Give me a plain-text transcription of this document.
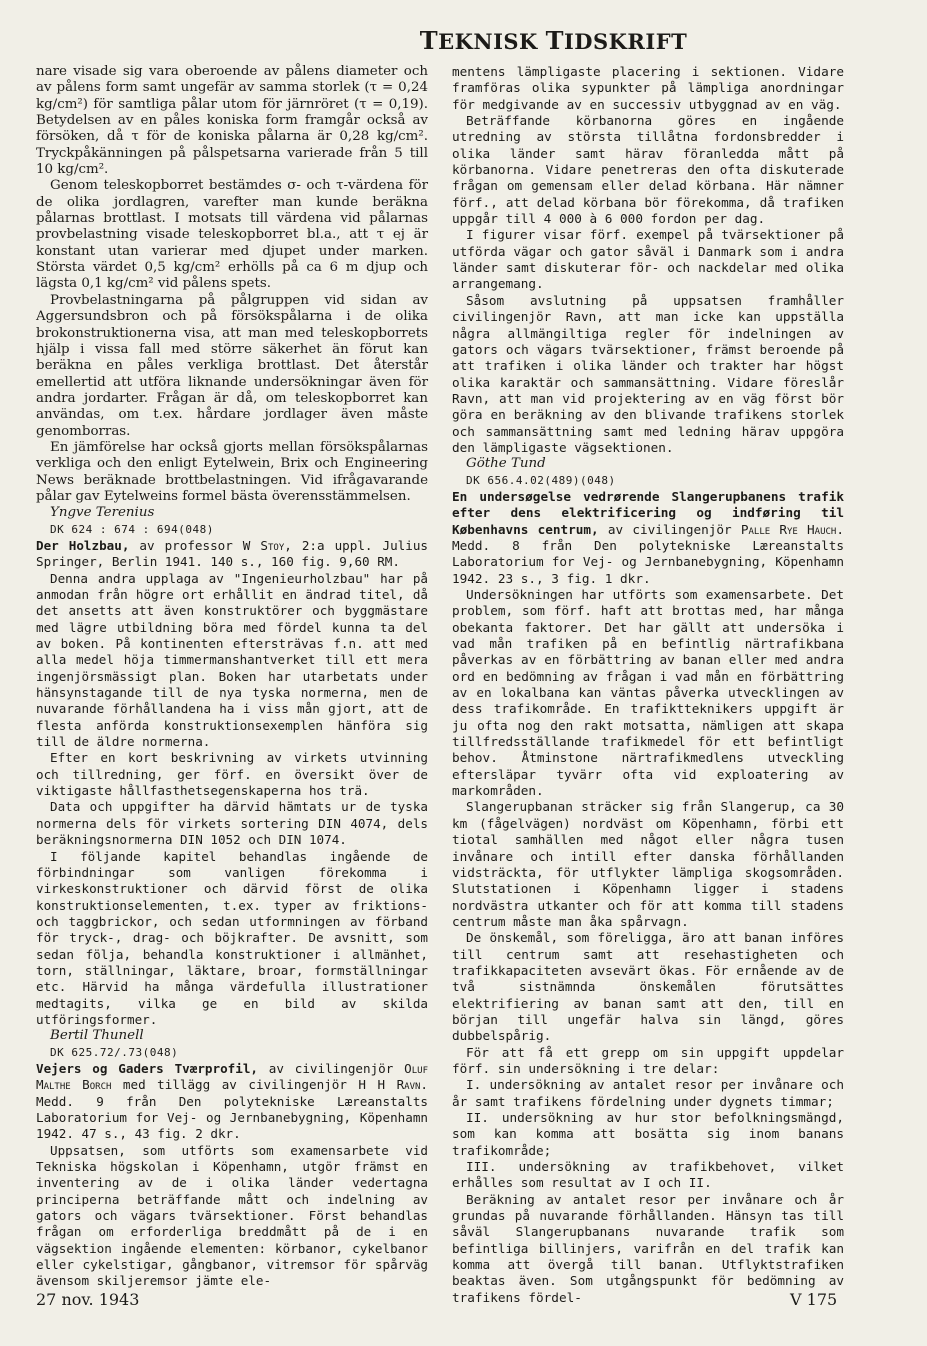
TEKNISK TIDSKRIFT

nare visade sig vara oberoende av pålens diameter och av pålens form samt ungefär av samma storlek (τ = 0,24 kg/cm²) för samtliga pålar utom för järnröret (τ = 0,19). Betydelsen av en påles koniska form framgår också av försöken, då τ för de koniska pålarna är 0,28 kg/cm². Tryckpåkänningen på pålspetsarna varierade från 5 till 10 kg/cm².

Genom teleskopborret bestämdes σ- och τ-värdena för de olika jordlagren, varefter man kunde beräkna pålarnas brottlast. I motsats till värdena vid pålarnas provbelastning visade teleskopborret bl.a., att τ ej är konstant utan varierar med djupet under marken. Största värdet 0,5 kg/cm² erhölls på ca 6 m djup och lägsta 0,1 kg/cm² vid pålens spets.

Provbelastningarna på pålgruppen vid sidan av Aggersundsbron och på försökspålarna i de olika brokonstruktionerna visa, att man med teleskopborrets hjälp i vissa fall med större säkerhet än förut kan beräkna en påles verkliga brottlast. Det återstår emellertid att utföra liknande undersökningar även för andra jordarter. Frågan är då, om teleskopborret kan användas, om t.ex. hårdare jordlager även måste genomborras.

En jämförelse har också gjorts mellan försökspålarnas verkliga och den enligt Eytelwein, Brix och Engineering News beräknade brottbelastningen. Vid ifrågavarande pålar gav Eytelweins formel bästa överensstämmelsen.

Yngve Terenius

DK 624 : 674 : 694(048)

Der Holzbau, av professor W Stoy, 2:a uppl. Julius Springer, Berlin 1941. 140 s., 160 fig. 9,60 RM.

Denna andra upplaga av "Ingenieurholzbau" har på anmodan från högre ort erhållit en ändrad titel, då det ansetts att även konstruktörer och byggmästare med lägre utbildning böra med fördel kunna ta del av boken. På kontinenten eftersträvas f.n. att med alla medel höja timmermanshantverket till ett mera ingenjörsmässigt plan. Boken har utarbetats under hänsynstagande till de nya tyska normerna, men de nuvarande förhållandena ha i viss mån gjort, att de flesta anförda konstruktionsexemplen hänföra sig till de äldre normerna.

Efter en kort beskrivning av virkets utvinning och tillredning, ger förf. en översikt över de viktigaste hållfasthetsegenskaperna hos trä.

Data och uppgifter ha därvid hämtats ur de tyska normerna dels för virkets sortering DIN 4074, dels beräkningsnormerna DIN 1052 och DIN 1074.

I följande kapitel behandlas ingående de förbindningar som vanligen förekomma i virkeskonstruktioner och därvid först de olika konstruktionselementen, t.ex. typer av friktions- och taggbrickor, och sedan utformningen av förband för tryck-, drag- och böjkrafter. De avsnitt, som sedan följa, behandla konstruktioner i allmänhet, torn, ställningar, läktare, broar, formställningar etc. Härvid ha många värdefulla illustrationer medtagits, vilka ge en bild av skilda utföringsformer.

Bertil Thunell

DK 625.72/.73(048)

Vejers og Gaders Tværprofil, av civilingenjör Oluf Malthe Borch med tillägg av civilingenjör H H Ravn. Medd. 9 från Den polytekniske Læreanstalts Laboratorium for Vej- og Jernbanebygning, Köpenhamn 1942. 47 s., 43 fig. 2 dkr.

Uppsatsen, som utförts som examensarbete vid Tekniska högskolan i Köpenhamn, utgör främst en inventering av de i olika länder vedertagna principerna beträffande mått och indelning av gators och vägars tvärsektioner. Först behandlas frågan om erforderliga breddmått på de i en vägsektion ingående elementen: körbanor, cykelbanor eller cykelstigar, gångbanor, vitremsor för spårväg ävensom skiljeremsor jämte ele-

mentens lämpligaste placering i sektionen. Vidare framföras olika sypunkter på lämpliga anordningar för medgivande av en successiv utbyggnad av en väg.

Beträffande körbanorna göres en ingående utredning av största tillåtna fordonsbredder i olika länder samt härav föranledda mått på körbanorna. Vidare penetreras den ofta diskuterade frågan om gemensam eller delad körbana. Här nämner förf., att delad körbana bör förekomma, då trafiken uppgår till 4 000 à 6 000 fordon per dag.

I figurer visar förf. exempel på tvärsektioner på utförda vägar och gator såväl i Danmark som i andra länder samt diskuterar för- och nackdelar med olika arrangemang.

Såsom avslutning på uppsatsen framhåller civilingenjör Ravn, att man icke kan uppställa några allmängiltiga regler för indelningen av gators och vägars tvärsektioner, främst beroende på att trafiken i olika länder och trakter har högst olika karaktär och sammansättning. Vidare föreslår Ravn, att man vid projektering av en väg först bör göra en beräkning av den blivande trafikens storlek och sammansättning samt med ledning härav uppgöra den lämpligaste vägsektionen.

Göthe Tund

DK 656.4.02(489)(048)

En undersøgelse vedrørende Slangerupbanens trafik efter dens elektrificering og indføring til Københavns centrum, av civilingenjör Palle Rye Hauch. Medd. 8 från Den polytekniske Læreanstalts Laboratorium for Vej- og Jernbanebygning, Köpenhamn 1942. 23 s., 3 fig. 1 dkr.

Undersökningen har utförts som examensarbete. Det problem, som förf. haft att brottas med, har många obekanta faktorer. Det har gällt att undersöka i vad mån trafiken på en befintlig närtrafikbana påverkas av en förbättring av banan eller med andra ord en bedömning av frågan i vad mån en förbättring av en lokalbana kan väntas påverka utvecklingen av dess trafikområde. En trafiktteknikers uppgift är ju ofta nog den rakt motsatta, nämligen att skapa tillfredsställande trafikmedel för ett befintligt behov. Åtminstone närtrafikmedlens utveckling eftersläpar tyvärr ofta vid exploatering av markområden.

Slangerupbanan sträcker sig från Slangerup, ca 30 km (fågelvägen) nordväst om Köpenhamn, förbi ett tiotal samhällen med något eller några tusen invånare och intill efter danska förhållanden vidsträckta, för utflykter lämpliga skogsområden. Slutstationen i Köpenhamn ligger i stadens nordvästra utkanter och för att komma till stadens centrum måste man åka spårvagn.

De önskemål, som föreligga, äro att banan införes till centrum samt att resehastigheten och trafikkapaciteten avsevärt ökas. För ernående av de två sistnämnda önskemålen förutsättes elektrifiering av banan samt att den, till en början till ungefär halva sin längd, göres dubbelspårig.

För att få ett grepp om sin uppgift uppdelar förf. sin undersökning i tre delar:

I. undersökning av antalet resor per invånare och år samt trafikens fördelning under dygnets timmar;

II. undersökning av hur stor befolkningsmängd, som kan komma att bosätta sig inom banans trafikområde;

III. undersökning av trafikbehovet, vilket erhålles som resultat av I och II.

Beräkning av antalet resor per invånare och år grundas på nuvarande förhållanden. Hänsyn tas till såväl Slangerupbanans nuvarande trafik som befintliga billinjers, varifrån en del trafik kan komma att övergå till banan. Utflyktstrafiken beaktas även. Som utgångspunkt för bedömning av trafikens fördel-

27 nov. 1943	V 175
